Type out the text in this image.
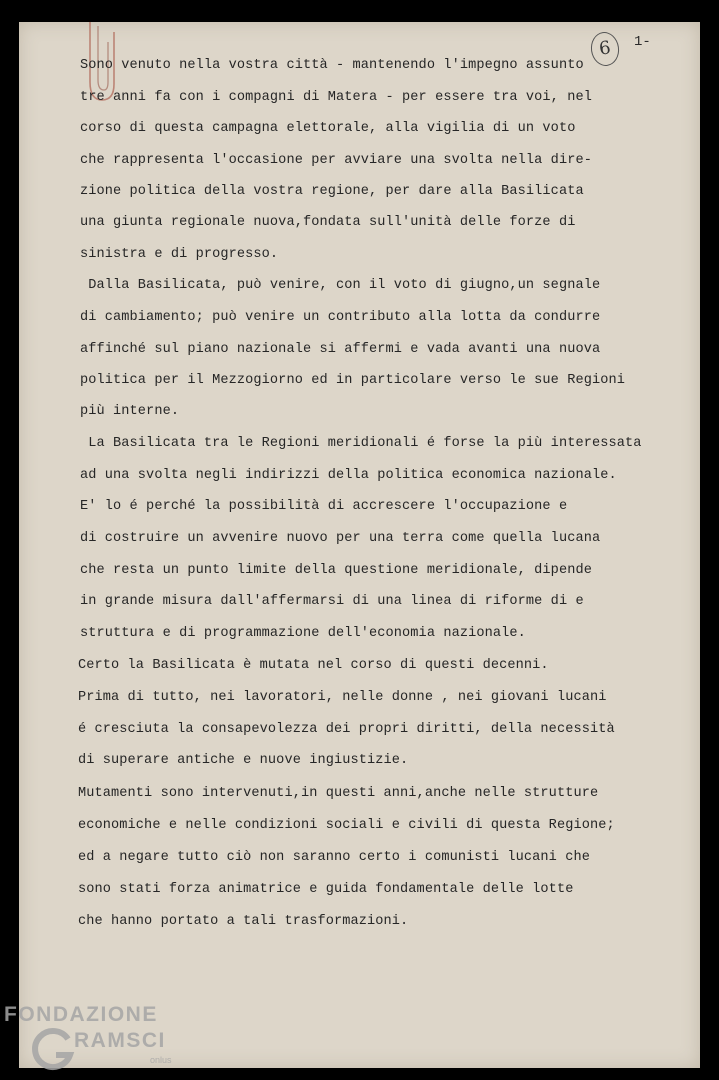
6	1-
Sono venuto nella vostra città - mantenendo l'impegno assunto
tre anni fa con i compagni di Matera - per essere tra voi, nel
corso di questa campagna elettorale, alla vigilia di un voto
che rappresenta l'occasione per avviare una svolta nella dire-
zione politica della vostra regione, per dare alla Basilicata
una giunta regionale nuova,fondata sull'unità delle forze di
sinistra e di progresso.
Dalla Basilicata, può venire, con il voto di giugno,un segnale
di cambiamento; può venire un contributo alla lotta da condurre
affinché sul piano nazionale si affermi e vada avanti una nuova
politica per il Mezzogiorno ed in particolare verso le sue Regioni
più interne.
La Basilicata tra le Regioni meridionali é forse la più interessata
ad una svolta negli indirizzi della politica economica nazionale.
E' lo é perché la possibilità di accrescere l'occupazione e
di costruire un avvenire nuovo per una terra come quella lucana
che resta un punto limite della questione meridionale, dipende
in grande misura dall'affermarsi di una linea di riforme di e
struttura e di programmazione dell'economia nazionale.
Certo la Basilicata è mutata nel corso di questi decenni.
Prima di tutto, nei lavoratori, nelle donne , nei giovani lucani
é cresciuta la consapevolezza dei propri diritti, della necessità
di superare antiche e nuove ingiustizie.
Mutamenti sono intervenuti,in questi anni,anche nelle strutture
economiche e nelle condizioni sociali e civili di questa Regione;
ed a negare tutto ciò non saranno certo i comunisti lucani che
sono stati forza animatrice e guida fondamentale delle lotte
che hanno portato a tali trasformazioni.
FONDAZIONE
RAMSCI
onlus
